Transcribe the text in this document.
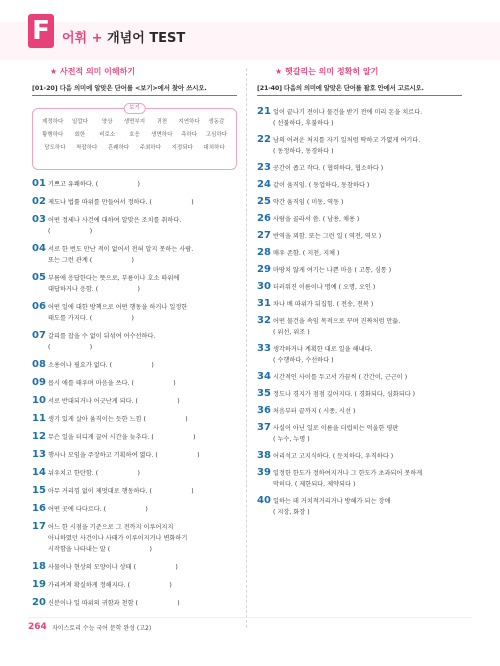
F 어휘 + 개념어 TEST
★ 사전적 의미 이해하기
[01-20] 다음 의미에 알맞은 단어를 <보기>에서 찾아 쓰시오.
보기
제정하다	일깝다	양상	생면부지	귀천	지연하다	생동감
황행하다	회한	비로소	호응	생면하다	측하다	고심하다
당도하다	착잡하다	흔쾌하다	주최하다	지정되다	대처하다
01 기쁘고 유쾌하다. (                    )
02 제도나 법률 따위를 만들어서 정하다. (                    )
03 어떤 정세나 사건에 대하여 알맞은 조치를 취하다.
(                    )
04 서로 한 번도 만난 적이 없어서 전혀 알지 못하는 사람.
또는 그런 관계 (                    )
05 부름에 응답한다는 뜻으로, 부름이나 호소 따위에
대답하거나 응함. (                    )
06 어떤 일에 대한 방책으로 어떤 행동을 하거나 일정한
태도를 가지다. (                    )
07 갈피를 잡을 수 없이 뒤섞여 어수선하다.
(                    )
08 소용이나 필요가 없다. (                    )
09 몹시 애를 태우며 마음을 쓰다. (                    )
10 서로 반대되거나 어긋난게 되다. (                    )
11 생기 있게 살아 움직이는 듯한 느낌 (                    )
12 무슨 일을 더디게 끌어 시간을 늦추다. (                    )
13 행사나 모임을 주장하고 기획하여 엶다. (                    )
14 뉘우치고 한탄함. (                    )
15 아무 거리낌 없이 제멋대로 행동하다. (                    )
16 어떤 곳에 다다르다. (                    )
17 어느 한 시점을 기준으로 그 전까지 이루어지지
아니하였던 사건이나 사태가 이루어지거나 변화하기
시작함을 나타내는 말 (                    )
18 사물이나 현상의 모양이나 상태 (                    )
19 가리켜져 확실하게 정해지다. (                    )
20 신분이나 일 따위의 귀함과 천함 (                    )
★ 헷갈리는 의미 정확히 알기
[21-40] 다음의 의미에 알맞은 단어를 괄호 안에서 고르시오.
21 일이 끝나기 전이나 물건을 받기 전에 미리 돈을 치르다.
( 선불하다, 후불하다 )
22 남의 어려운 처지를 자기 일처럼 딱하고 가엾게 여기다.
( 동정하다, 동경하다 )
23 공간이 좁고 작다. ( 협력하다, 협소하다 )
24 같이 움직임. ( 동업하다, 동참하다 )
25 약간 움직임 ( 미동, 역동 )
26 사람을 골라서 씀. ( 남용, 채용 )
27 반역을 꾀함. 또는 그런 일 ( 역전, 역모 )
28 매우 존함. ( 지천, 지체 )
29 마땅치 않게 여기는 나쁜 마음 ( 고통, 심통 )
30 더러워진 이름이나 명예 ( 오명, 오인 )
31 차나 배 따위가 뒤집힘. ( 전송, 전복 )
32 어떤 물건을 속임 목적으로 꾸며 진짜처럼 만듦.
( 위선, 위조 )
33 생각하거나 계획한 대로 일을 해내다.
( 수행하다, 수선하다 )
34 시간적인 사이를 두고서 가끔씩 ( 간간이, 근근이 )
35 정도나 경지가 점점 깊어지다. ( 경화되다, 심화되다 )
36 처음부터 끝까지 ( 시종, 시선 )
37 사실이 아닌 일로 이름을 더럽히는 억울한 평판
( 누수, 누명 )
38 어리석고 고지식하다. ( 둔치하다, 우직하다 )
39 일정한 한도가 정하여지거나 그 한도가 초과되어 못하게
막히다. ( 제한되다, 제약되다 )
40 일하는 데 거치적거리거나 방해가 되는 장애
( 지장, 화장 )
264 자이스토리 수능 국어 문학 완성 (고2)
